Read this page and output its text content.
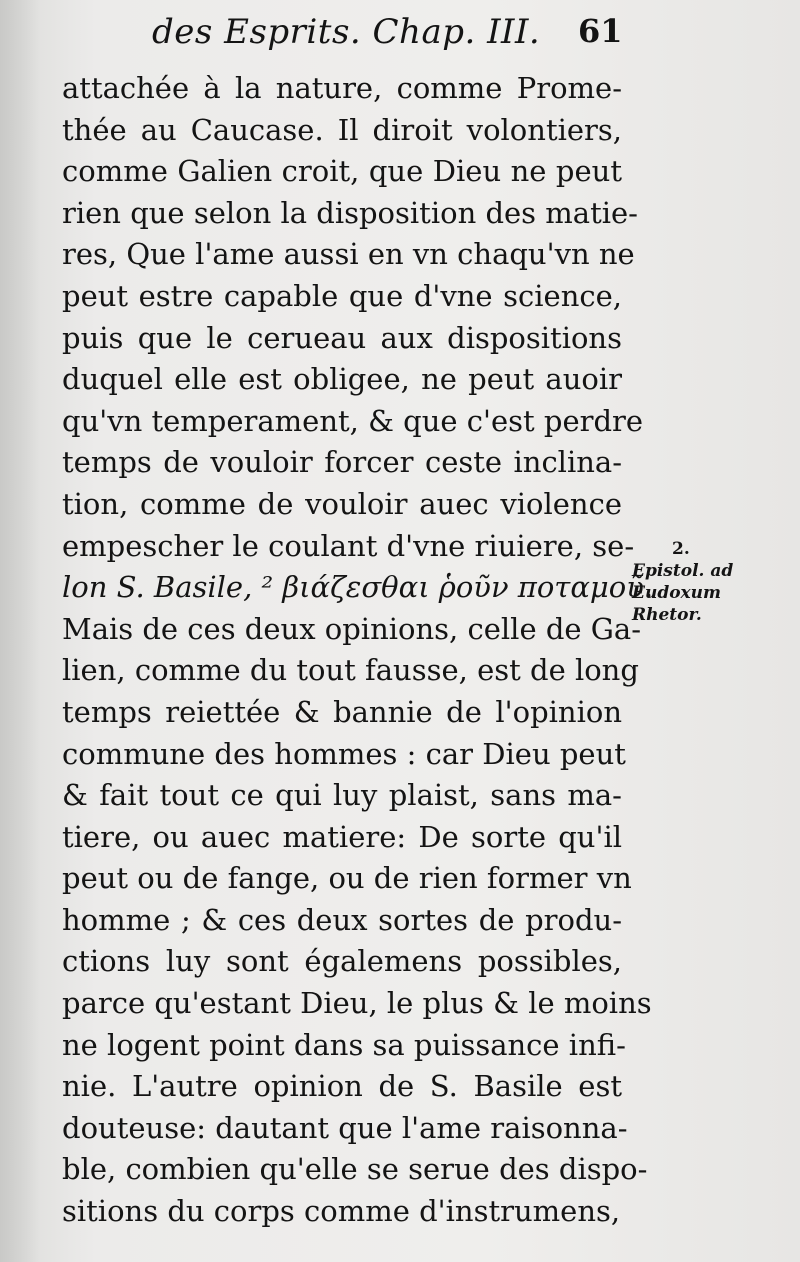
des Esprits. Chap. III. 61
attachée à la nature, comme Prome-
thée au Caucase. Il diroit volontiers,
comme Galien croit, que Dieu ne peut
rien que selon la disposition des matie-
res, Que l'ame aussi en vn chaqu'vn ne
peut estre capable que d'vne science,
puis que le cerueau aux dispositions
duquel elle est obligee, ne peut auoir
qu'vn temperament, & que c'est perdre
temps de vouloir forcer ceste inclina-
tion, comme de vouloir auec violence
empescher le coulant d'vne riuiere, se-
lon S. Basile, ² βιάζεσθαι ῥοῦν ποταμοῦ.
Mais de ces deux opinions, celle de Ga-
lien, comme du tout fausse, est de long
temps reiettée & bannie de l'opinion
commune des hommes : car Dieu peut
& fait tout ce qui luy plaist, sans ma-
tiere, ou auec matiere: De sorte qu'il
peut ou de fange, ou de rien former vn
homme ; & ces deux sortes de produ-
ctions luy sont égalemens possibles,
parce qu'estant Dieu, le plus & le moins
ne logent point dans sa puissance infi-
nie. L'autre opinion de S. Basile est
douteuse: dautant que l'ame raisonna-
ble, combien qu'elle se serue des dispo-
sitions du corps comme d'instrumens,
2.
Epistol. ad
Eudoxum
Rhetor.
